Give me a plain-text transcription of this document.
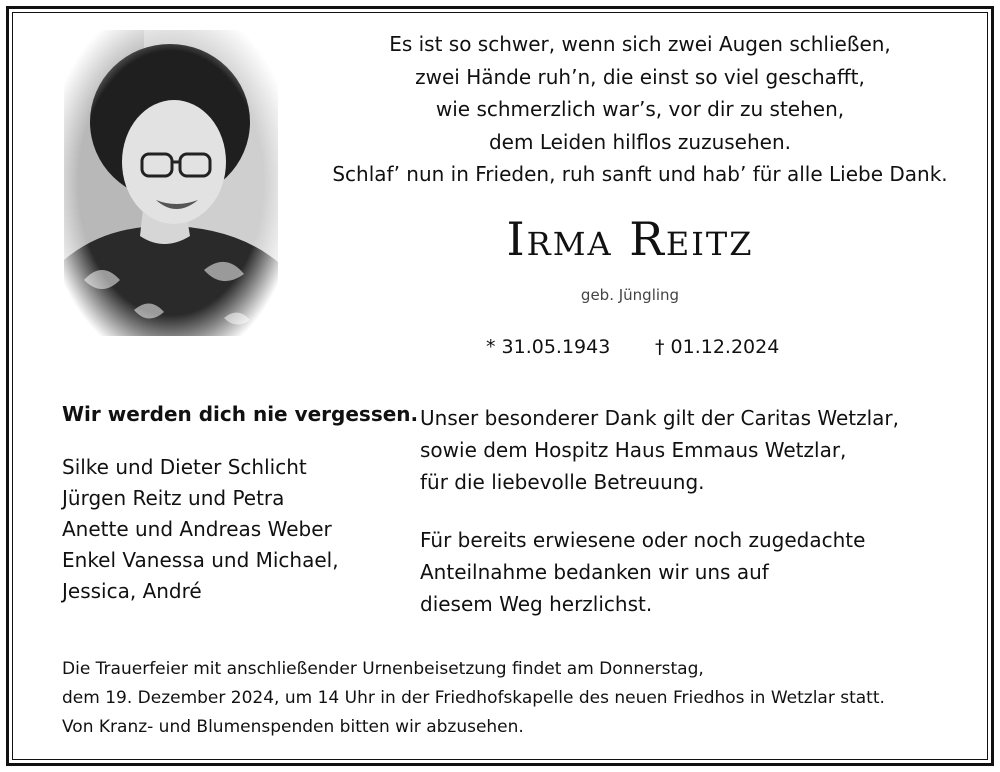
Es ist so schwer, wenn sich zwei Augen schließen,
zwei Hände ruh’n, die einst so viel geschafft,
wie schmerzlich war’s, vor dir zu stehen,
dem Leiden hilflos zuzusehen.
Schlaf’ nun in Frieden, ruh sanft und hab’ für alle Liebe Dank.
Irma Reitz
geb. Jüngling
* 31.05.1943 † 01.12.2024
Wir werden dich nie vergessen.
Silke und Dieter Schlicht
Jürgen Reitz und Petra
Anette und Andreas Weber
Enkel Vanessa und Michael,
Jessica, André
Unser besonderer Dank gilt der Caritas Wetzlar,
sowie dem Hospitz Haus Emmaus Wetzlar,
für die liebevolle Betreuung.
Für bereits erwiesene oder noch zugedachte
Anteilnahme bedanken wir uns auf
diesem Weg herzlichst.
Die Trauerfeier mit anschließender Urnenbeisetzung findet am Donnerstag,
dem 19. Dezember 2024, um 14 Uhr in der Friedhofskapelle des neuen Friedhos in Wetzlar statt.
Von Kranz- und Blumenspenden bitten wir abzusehen.
